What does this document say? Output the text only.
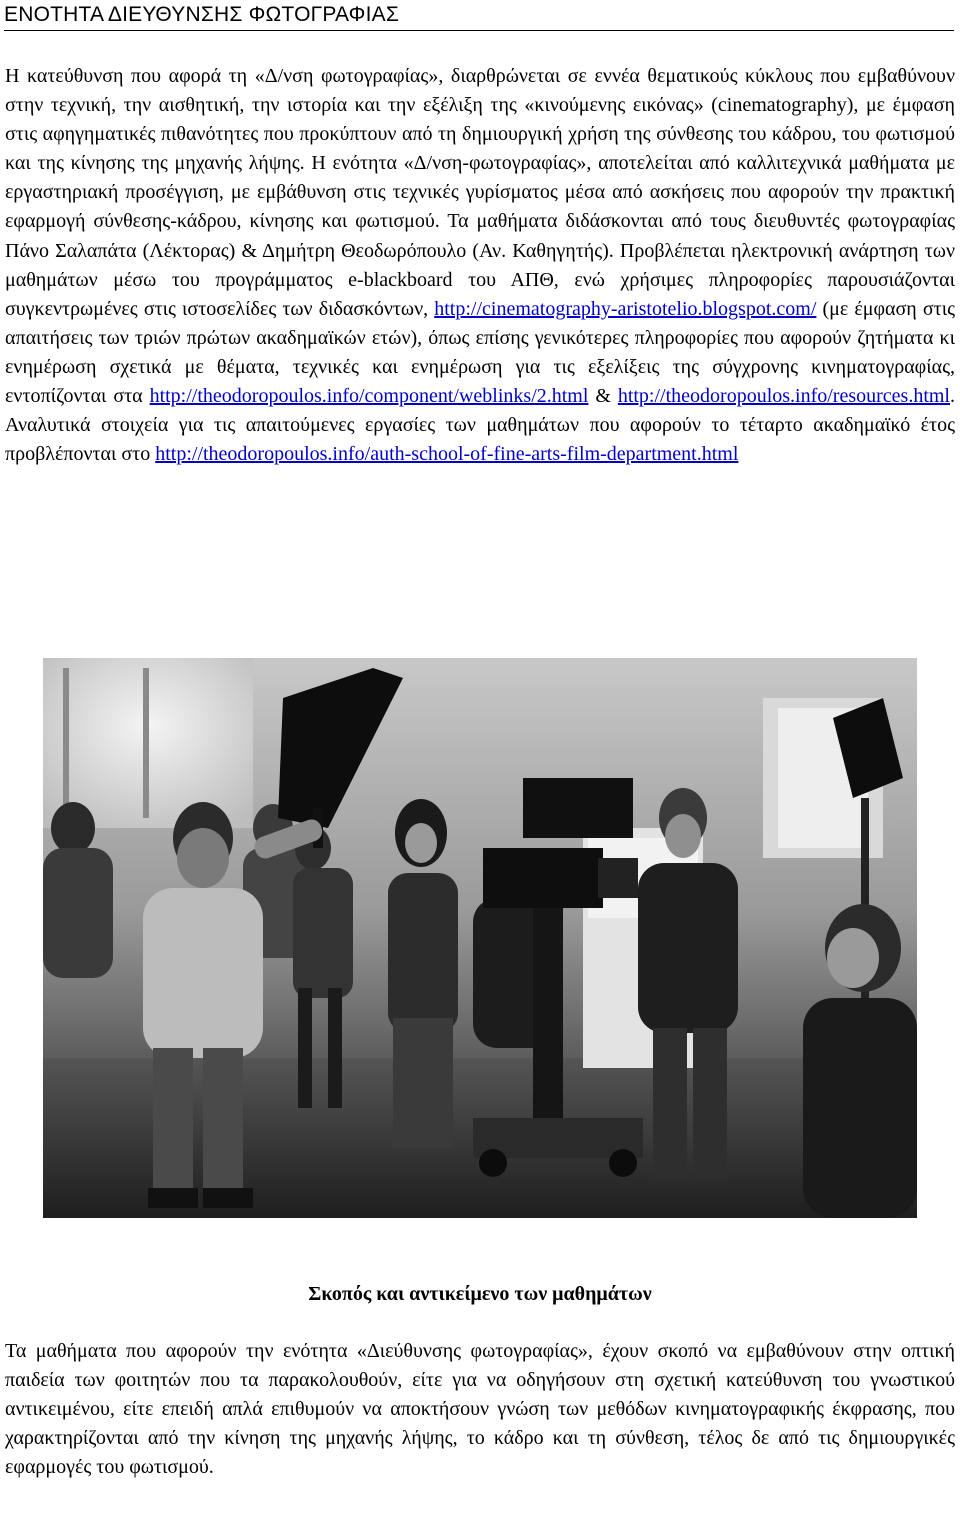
ΕΝΟΤΗΤΑ ΔΙΕΥΘΥΝΣΗΣ ΦΩΤΟΓΡΑΦΙΑΣ

Η κατεύθυνση που αφορά τη «Δ/νση φωτογραφίας», διαρθρώνεται σε εννέα θεματικούς κύκλους που εμβαθύνουν στην τεχνική, την αισθητική, την ιστορία και την εξέλιξη της «κινούμενης εικόνας» (cinematography), με έμφαση στις αφηγηματικές πιθανότητες που προκύπτουν από τη δημιουργική χρήση της σύνθεσης του κάδρου, του φωτισμού και της κίνησης της μηχανής λήψης. Η ενότητα «Δ/νση-φωτογραφίας», αποτελείται από καλλιτεχνικά μαθήματα με εργαστηριακή προσέγγιση, με εμβάθυνση στις τεχνικές γυρίσματος μέσα από ασκήσεις που αφορούν την πρακτική εφαρμογή σύνθεσης-κάδρου, κίνησης και φωτισμού. Τα μαθήματα διδάσκονται από τους διευθυντές φωτογραφίας Πάνο Σαλαπάτα (Λέκτορας) & Δημήτρη Θεοδωρόπουλο (Αν. Καθηγητής). Προβλέπεται ηλεκτρονική ανάρτηση των μαθημάτων μέσω του προγράμματος e-blackboard του ΑΠΘ, ενώ χρήσιμες πληροφορίες παρουσιάζονται συγκεντρωμένες στις ιστοσελίδες των διδασκόντων, http://cinematography-aristotelio.blogspot.com/ (με έμφαση στις απαιτήσεις των τριών πρώτων ακαδημαϊκών ετών), όπως επίσης γενικότερες πληροφορίες που αφορούν ζητήματα κι ενημέρωση σχετικά με θέματα, τεχνικές και ενημέρωση για τις εξελίξεις της σύγχρονης κινηματογραφίας, εντοπίζονται στα http://theodoropoulos.info/component/weblinks/2.html & http://theodoropoulos.info/resources.html. Αναλυτικά στοιχεία για τις απαιτούμενες εργασίες των μαθημάτων που αφορούν το τέταρτο ακαδημαϊκό έτος προβλέπονται στο http://theodoropoulos.info/auth-school-of-fine-arts-film-department.html

Σκοπός και αντικείμενο των μαθημάτων

Τα μαθήματα που αφορούν την ενότητα «Διεύθυνσης φωτογραφίας», έχουν σκοπό να εμβαθύνουν στην οπτική παιδεία των φοιτητών που τα παρακολουθούν, είτε για να οδηγήσουν στη σχετική κατεύθυνση του γνωστικού αντικειμένου, είτε επειδή απλά επιθυμούν να αποκτήσουν γνώση των μεθόδων κινηματογραφικής έκφρασης, που χαρακτηρίζονται από την κίνηση της μηχανής λήψης, το κάδρο και τη σύνθεση, τέλος δε από τις δημιουργικές εφαρμογές του φωτισμού.
